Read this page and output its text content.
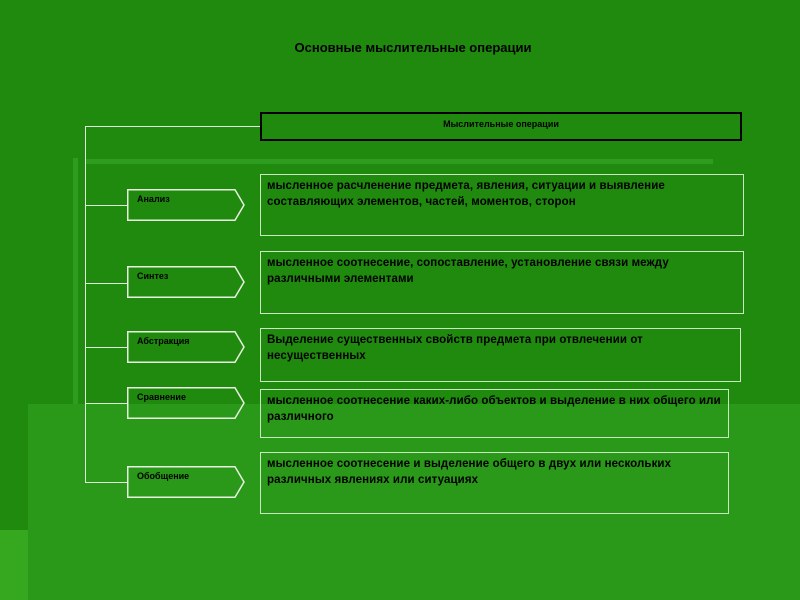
Основные мыслительные операции
Мыслительные операции
Анализ
Синтез
Абстракция
Сравнение
Обобщение
мысленное расчленение предмета, явления, ситуации и выявление составляющих элементов, частей, моментов, сторон
мысленное соотнесение, сопоставление, установление связи между различными элементами
Выделение существенных свойств предмета при отвлечении от несущественных
мысленное соотнесение каких-либо объектов и выделение в них общего или различного
мысленное соотнесение и выделение общего в двух или нескольких различных явлениях или ситуациях
